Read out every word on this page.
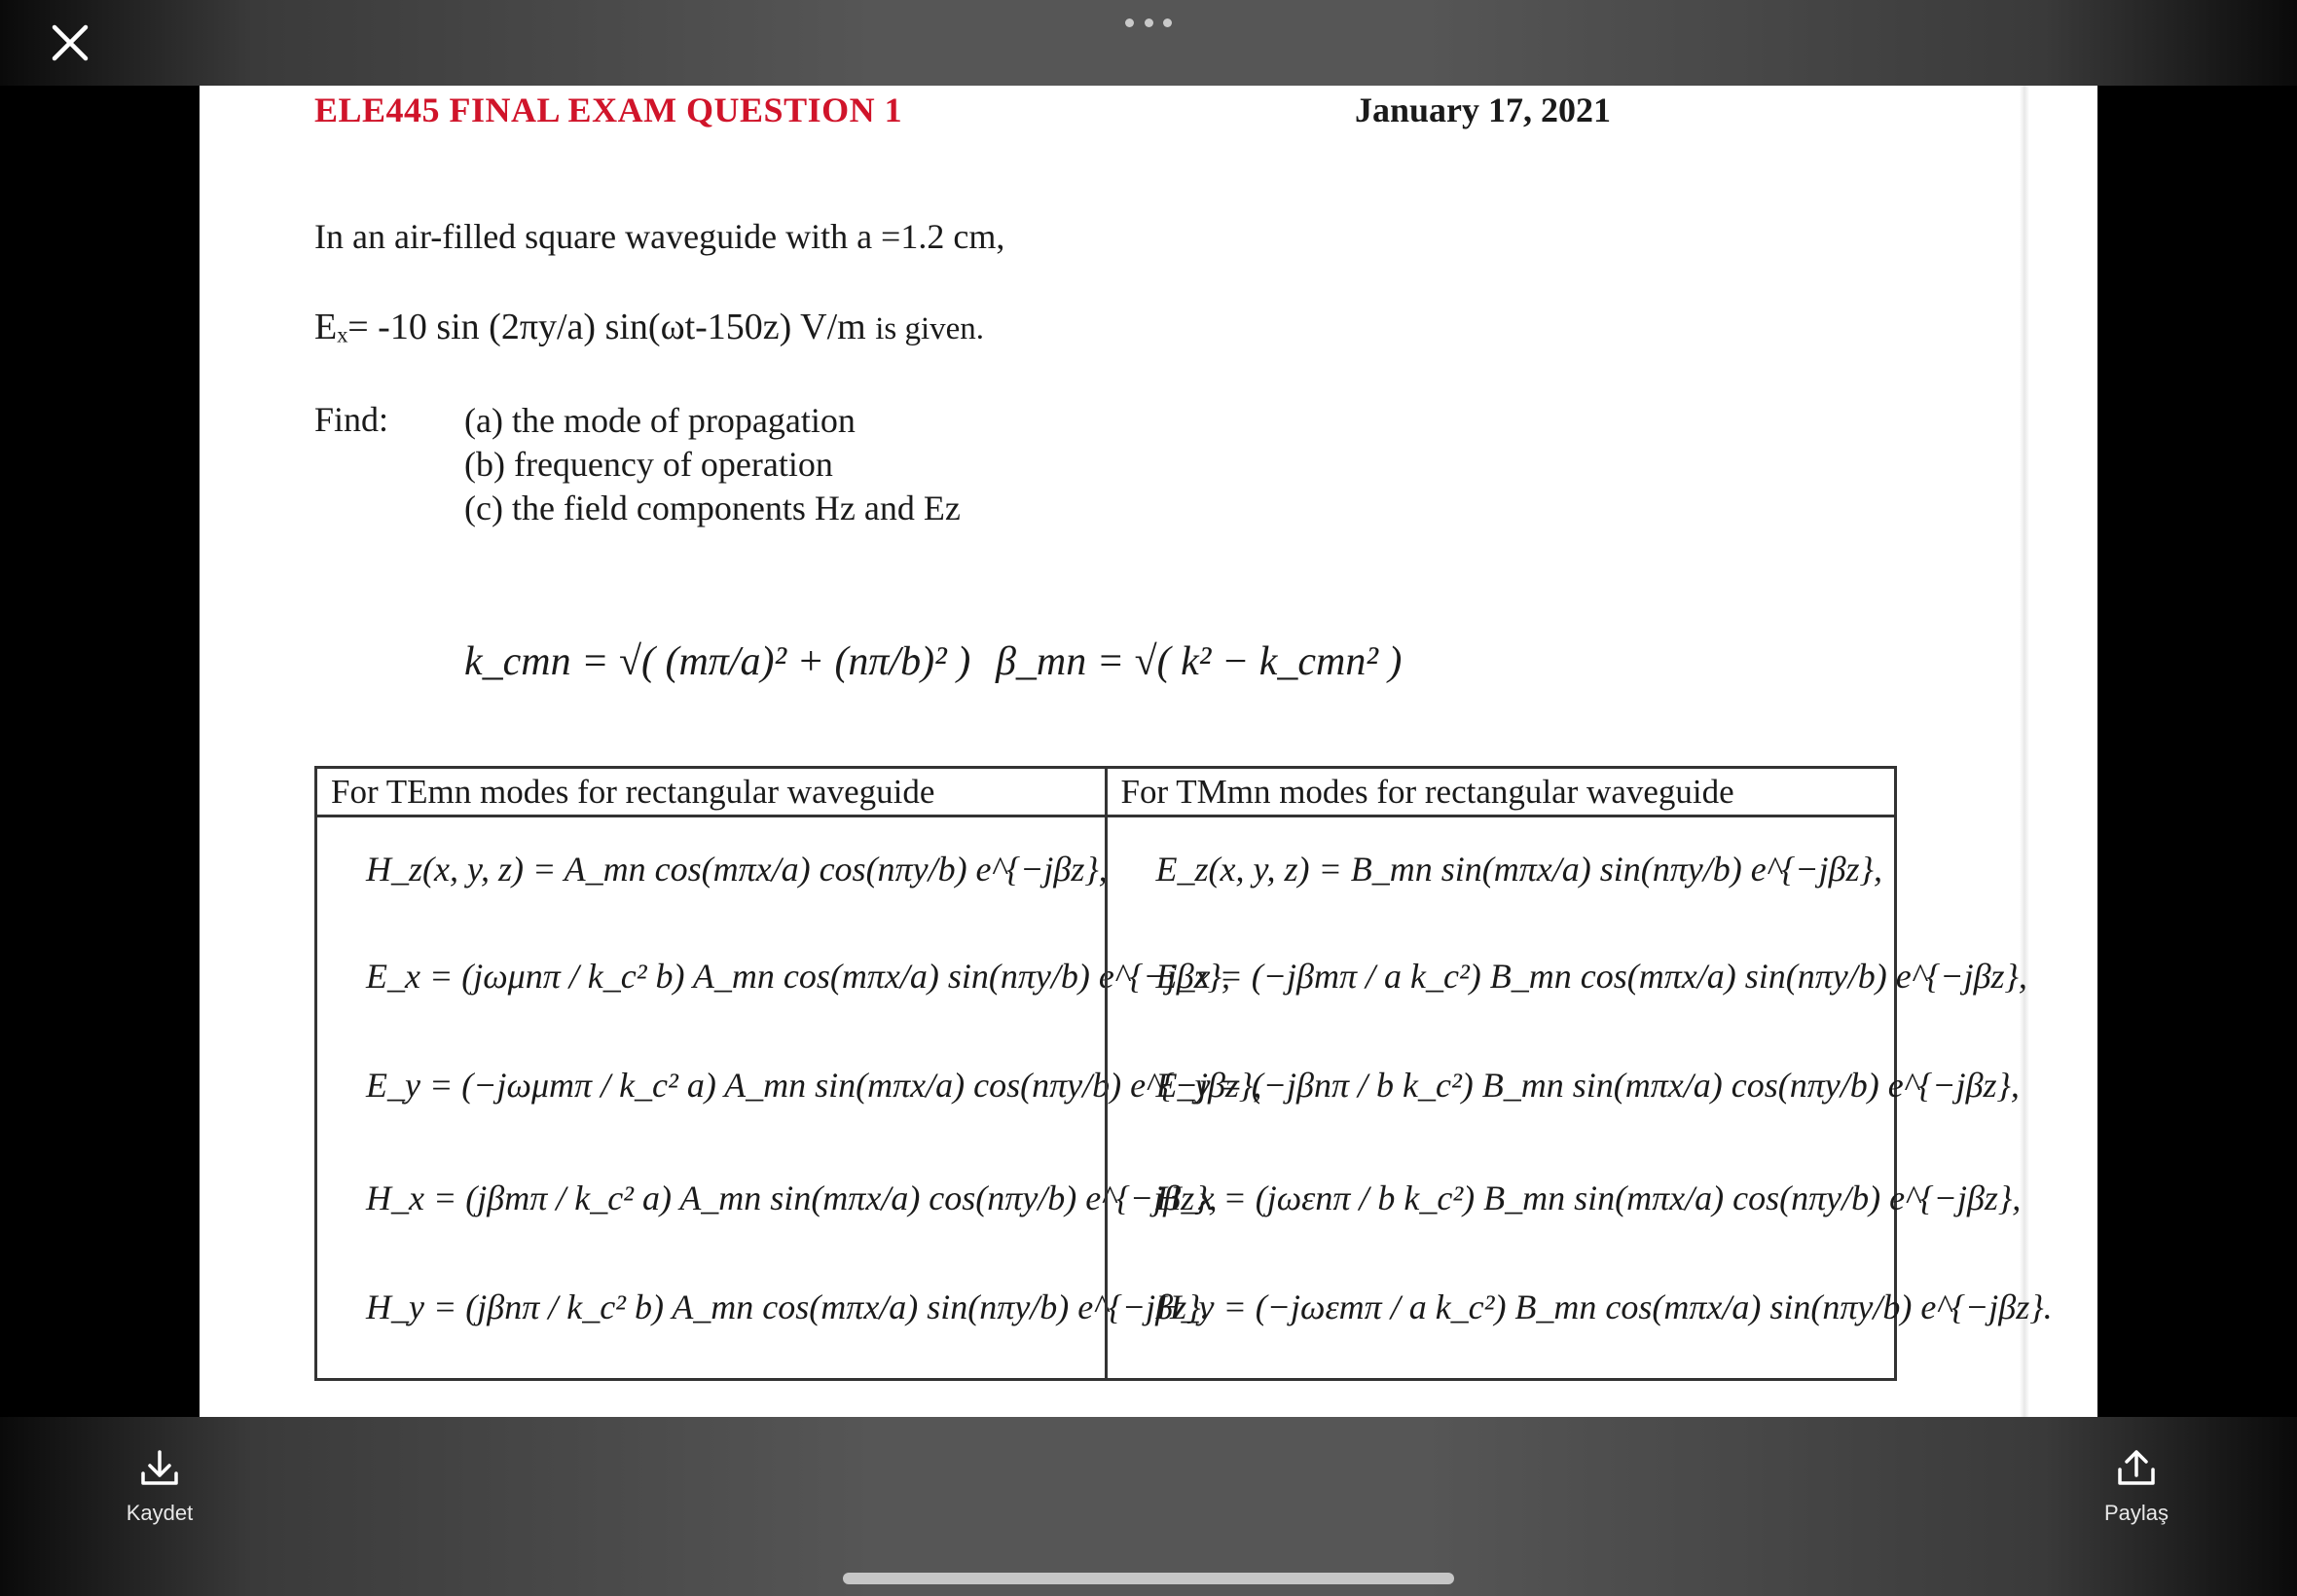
ELE445 FINAL EXAM QUESTION 1	January 17, 2021
In an air-filled square waveguide with a =1.2 cm,
Eₓ= -10 sin (2πy/a) sin(ωt-150z) V/m is given.
Find: (a) the mode of propagation
(b) frequency of operation
(c) the field components Hz and Ez
k_cmn = √( (mπ/a)² + (nπ/b)² ) β_mn = √( k² − k_cmn² )
For TEmn modes for rectangular waveguide
H_z(x, y, z) = A_mn cos(mπx/a) cos(nπy/b) e^{−jβz},
E_x = (jωμnπ / k_c² b) A_mn cos(mπx/a) sin(nπy/b) e^{−jβz},
E_y = (−jωμmπ / k_c² a) A_mn sin(mπx/a) cos(nπy/b) e^{−jβz},
H_x = (jβmπ / k_c² a) A_mn sin(mπx/a) cos(nπy/b) e^{−jβz},
H_y = (jβnπ / k_c² b) A_mn cos(mπx/a) sin(nπy/b) e^{−jβz}.
For TMmn modes for rectangular waveguide
E_z(x, y, z) = B_mn sin(mπx/a) sin(nπy/b) e^{−jβz},
E_x = (−jβmπ / a k_c²) B_mn cos(mπx/a) sin(nπy/b) e^{−jβz},
E_y = (−jβnπ / b k_c²) B_mn sin(mπx/a) cos(nπy/b) e^{−jβz},
H_x = (jωεnπ / b k_c²) B_mn sin(mπx/a) cos(nπy/b) e^{−jβz},
H_y = (−jωεmπ / a k_c²) B_mn cos(mπx/a) sin(nπy/b) e^{−jβz}.
Kaydet	Paylaş
